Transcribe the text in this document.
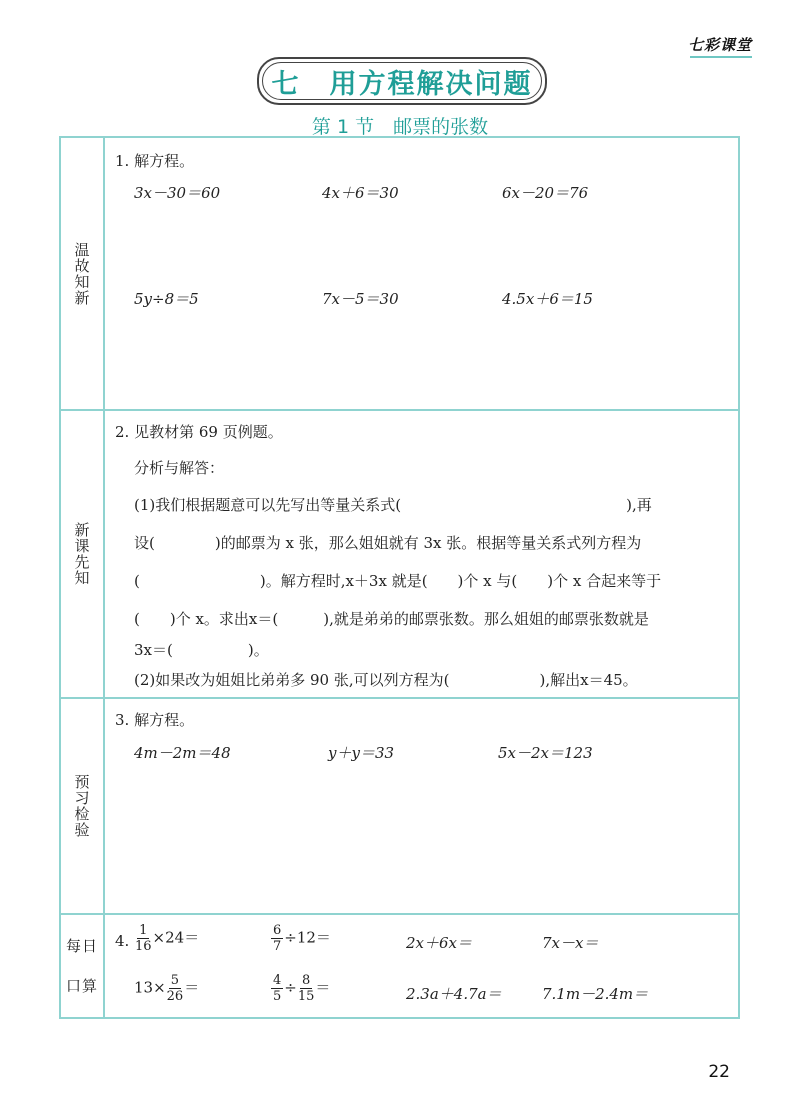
七彩课堂
七　用方程解决问题
第 1 节　邮票的张数
温故知新
1. 解方程。
3x－30＝60	4x＋6＝30	6x－20＝76
5y÷8＝5	7x－5＝30	4.5x＋6＝15
新课先知
2. 见教材第 69 页例题。
分析与解答：
(1)我们根据题意可以先写出等量关系式(　　　　　　　　　　　　　　　),再
设(　　　　)的邮票为 x 张，那么姐姐就有 3x 张。根据等量关系式列方程为
(　　　　　　　　)。解方程时,x＋3x 就是(　　)个 x 与(　　)个 x 合起来等于
(　　)个 x。求出x＝(　　　),就是弟弟的邮票张数。那么姐姐的邮票张数就是
3x＝(　　　　　)。
(2)如果改为姐姐比弟弟多 90 张,可以列方程为(　　　　　　),解出x＝45。
预习检验
3. 解方程。
4m－2m＝48	y＋y＝33	5x－2x＝123
每日
口算
4. $\frac{1}{16} \times 24=$	$\frac{6}{7} \div 12=$	2x＋6x＝	7x－x＝
$13\times \frac{5}{26}$ ＝	$\frac{4}{5} \div \frac{8}{15}$ ＝	2.3a＋4.7a＝	7.1m－2.4m＝
22
